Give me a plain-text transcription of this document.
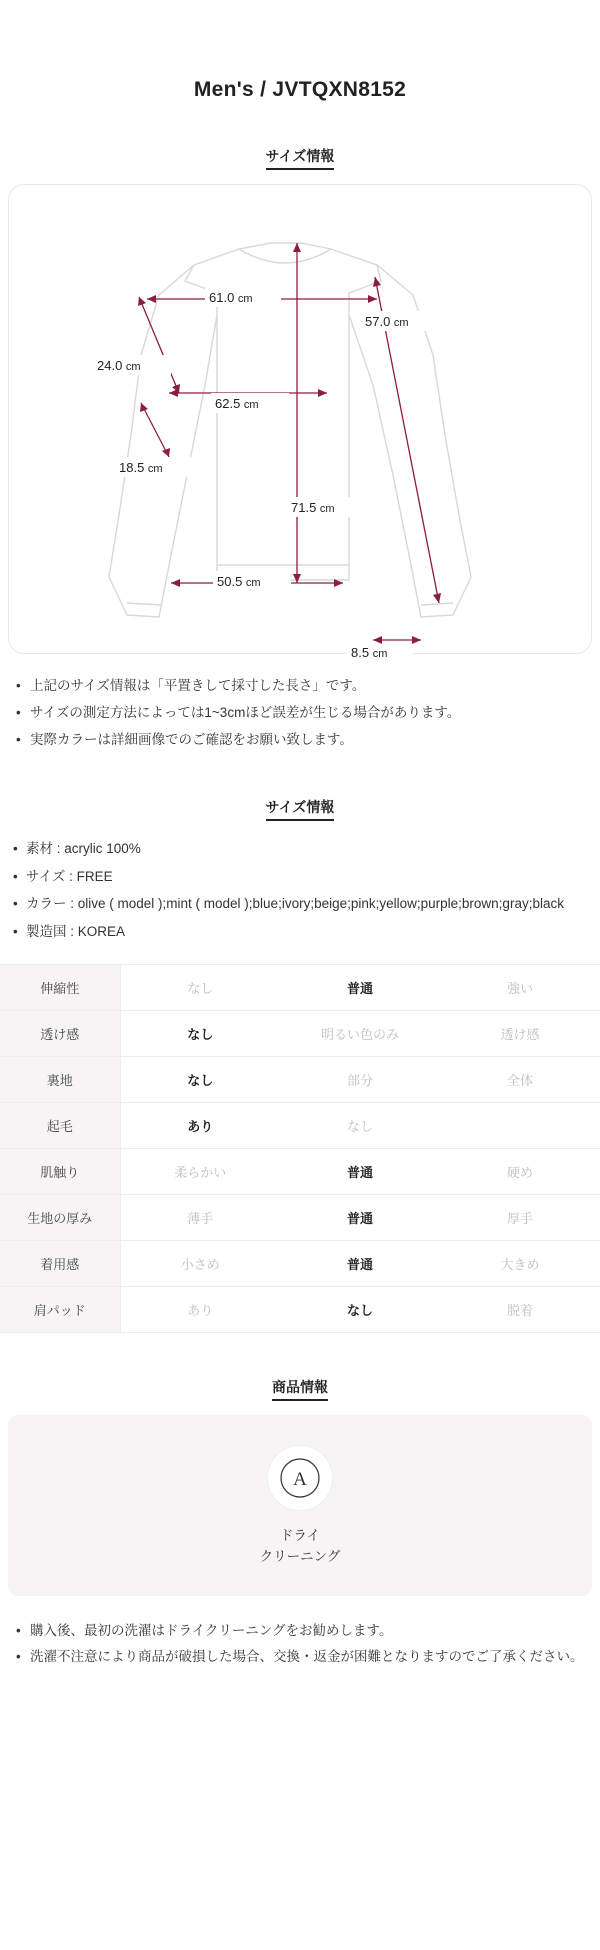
Men's / JVTQXN8152
サイズ情報
61.0 cm
57.0 cm
24.0 cm
62.5 cm
18.5 cm
71.5 cm
50.5 cm
8.5 cm
• 上記のサイズ情報は「平置きして採寸した長さ」です。
• サイズの測定方法によっては1~3cmほど誤差が生じる場合があります。
• 実際カラーは詳細画像でのご確認をお願い致します。
サイズ情報
• 素材 : acrylic 100%
• サイズ : FREE
• カラー : olive ( model );mint ( model );blue;ivory;beige;pink;yellow;purple;brown;gray;black
• 製造国 : KOREA
伸縮性	なし	普通	強い
透け感	なし	明るい色のみ	透け感
裏地	なし	部分	全体
起毛	あり	なし	
肌触り	柔らかい	普通	硬め
生地の厚み	薄手	普通	厚手
着用感	小さめ	普通	大きめ
肩パッド	あり	なし	脱着
商品情報
A
ドライ
クリーニング
• 購入後、最初の洗濯はドライクリーニングをお勧めします。
• 洗濯不注意により商品が破損した場合、交換・返金が困難となりますのでご了承ください。
